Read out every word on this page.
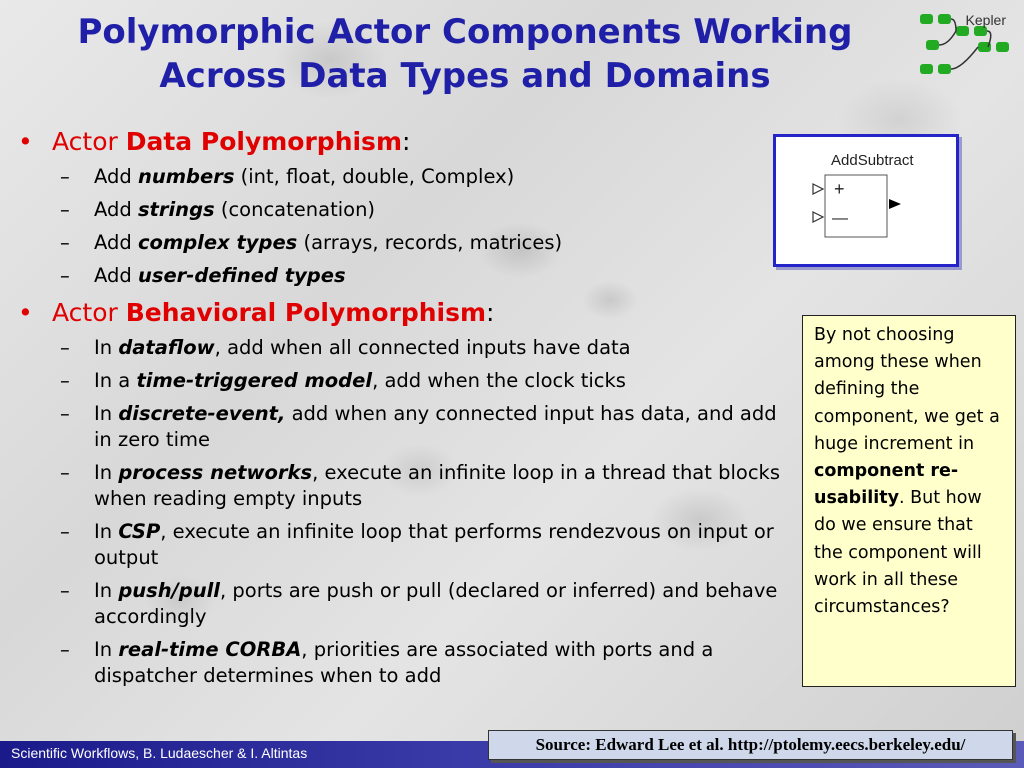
Polymorphic Actor Components Working
Across Data Types and Domains
Kepler
• Actor Data Polymorphism:
– Add numbers (int, float, double, Complex)
– Add strings (concatenation)
– Add complex types (arrays, records, matrices)
– Add user-defined types
• Actor Behavioral Polymorphism:
– In dataflow, add when all connected inputs have data
– In a time-triggered model, add when the clock ticks
– In discrete-event, add when any connected input has data, and add in zero time
– In process networks, execute an infinite loop in a thread that blocks when reading empty inputs
– In CSP, execute an infinite loop that performs rendezvous on input or output
– In push/pull, ports are push or pull (declared or inferred) and behave accordingly
– In real-time CORBA, priorities are associated with ports and a dispatcher determines when to add
AddSubtract
+
—
By not choosing among these when defining the component, we get a huge increment in component re-usability. But how do we ensure that the component will work in all these circumstances?
Scientific Workflows, B. Ludaescher & I. Altintas	Source: Edward Lee et al. http://ptolemy.eecs.berkeley.edu/
